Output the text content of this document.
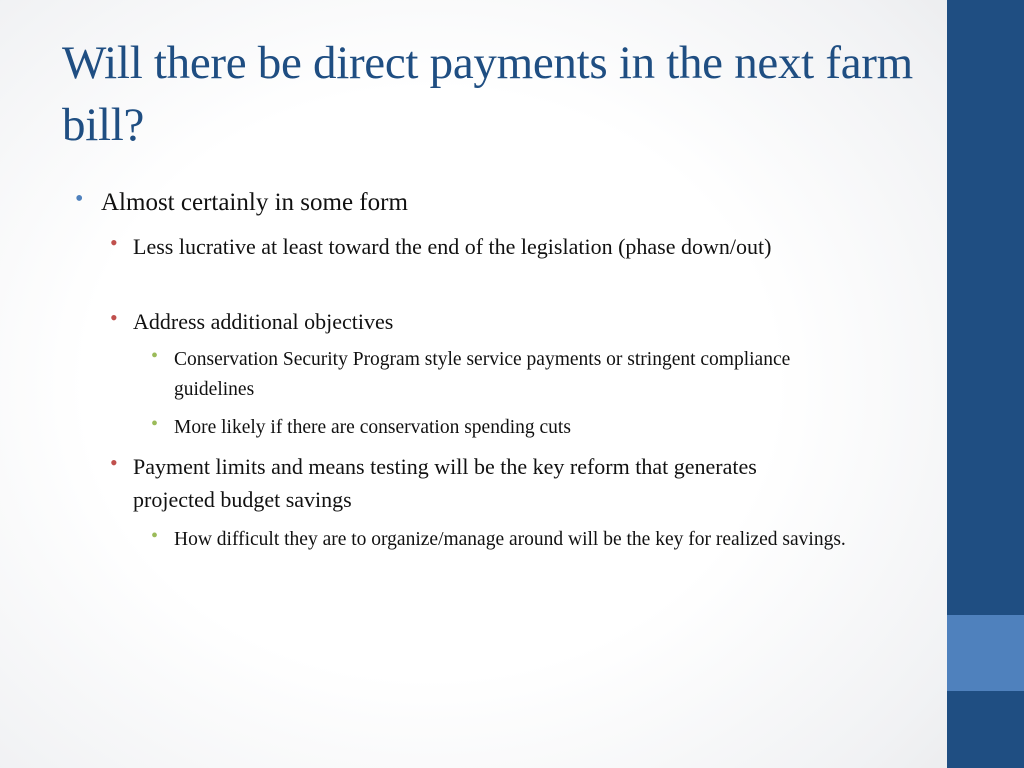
Will there be direct payments in the next farm bill?
• Almost certainly in some form
• Less lucrative at least toward the end of the legislation (phase down/out)
• Address additional objectives
• Conservation Security Program style service payments or stringent compliance guidelines
• More likely if there are conservation spending cuts
• Payment limits and means testing will be the key reform that generates projected budget savings
• How difficult they are to organize/manage around will be the key for realized savings.
